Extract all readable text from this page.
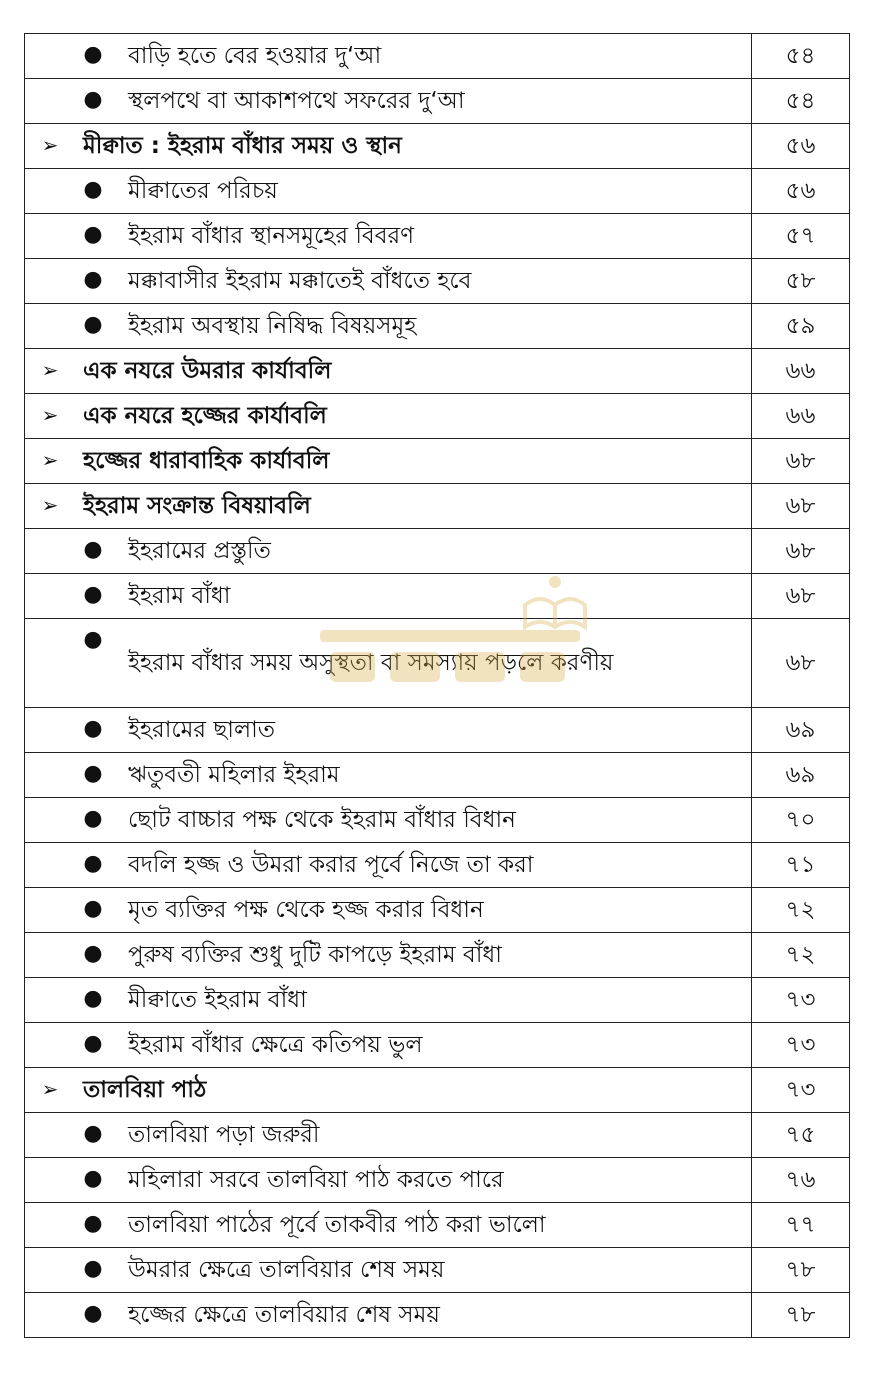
● বাড়ি হতে বের হওয়ার দু‘আ	৫৪

● স্থলপথে বা আকাশপথে সফরের দু‘আ	৫৪

➢ মীক্বাত : ইহরাম বাঁধার সময় ও স্থান	৫৬

● মীক্বাতের পরিচয়	৫৬

● ইহরাম বাঁধার স্থানসমূহের বিবরণ	৫৭

● মক্কাবাসীর ইহরাম মক্কাতেই বাঁধতে হবে	৫৮

● ইহরাম অবস্থায় নিষিদ্ধ বিষয়সমূহ	৫৯

➢ এক নযরে উমরার কার্যাবলি	৬৬

➢ এক নযরে হজ্জের কার্যাবলি	৬৬

➢ হজ্জের ধারাবাহিক কার্যাবলি	৬৮

➢ ইহরাম সংক্রান্ত বিষয়াবলি	৬৮

● ইহরামের প্রস্তুতি	৬৮

● ইহরাম বাঁধা	৬৮

●
ইহরাম বাঁধার সময় অসুস্থতা বা সমস্যায় পড়লে করণীয়	৬৮

● ইহরামের ছালাত	৬৯

● ঋতুবতী মহিলার ইহরাম	৬৯

● ছোট বাচ্চার পক্ষ থেকে ইহরাম বাঁধার বিধান	৭০

● বদলি হজ্জ ও উমরা করার পূর্বে নিজে তা করা	৭১

● মৃত ব্যক্তির পক্ষ থেকে হজ্জ করার বিধান	৭২

● পুরুষ ব্যক্তির শুধু দুটি কাপড়ে ইহরাম বাঁধা	৭২

● মীক্বাতে ইহরাম বাঁধা	৭৩

● ইহরাম বাঁধার ক্ষেত্রে কতিপয় ভুল	৭৩

➢ তালবিয়া পাঠ	৭৩

● তালবিয়া পড়া জরুরী	৭৫

● মহিলারা সরবে তালবিয়া পাঠ করতে পারে	৭৬

● তালবিয়া পাঠের পূর্বে তাকবীর পাঠ করা ভালো	৭৭

● উমরার ক্ষেত্রে তালবিয়ার শেষ সময়	৭৮

● হজ্জের ক্ষেত্রে তালবিয়ার শেষ সময়	৭৮
